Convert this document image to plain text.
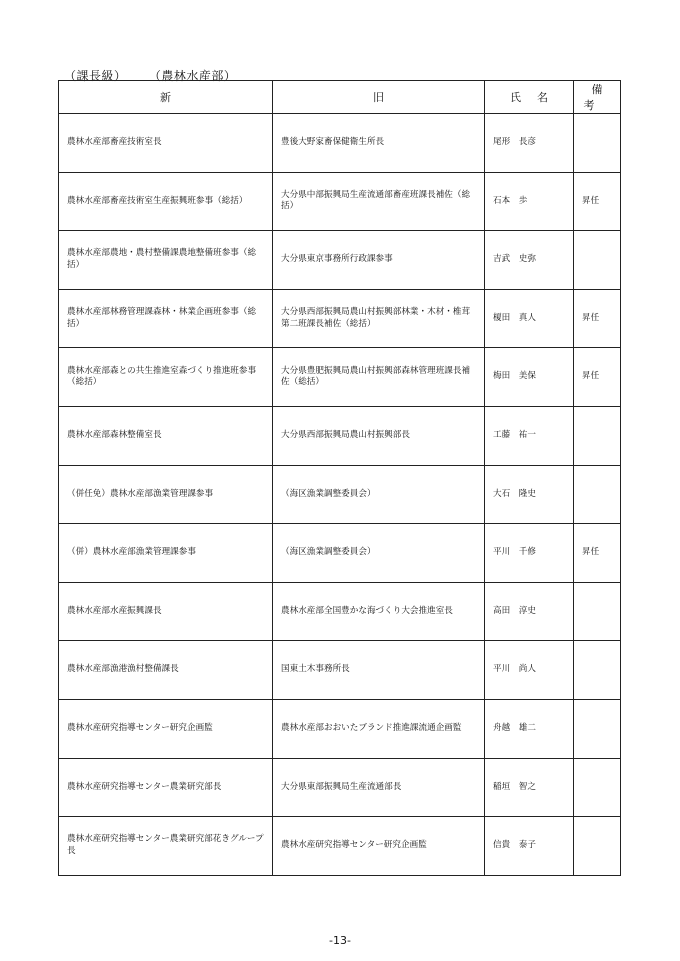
（課長級） （農林水産部）
新	旧	氏名	備考
農林水産部畜産技術室長	豊後大野家畜保健衛生所長	尾形　長彦	
農林水産部畜産技術室生産振興班参事（総括）	大分県中部振興局生産流通部畜産班課長補佐（総括）	石本　歩	昇任
農林水産部農地・農村整備課農地整備班参事（総括）	大分県東京事務所行政課参事	吉武　史弥	
農林水産部林務管理課森林・林業企画班参事（総括）	大分県西部振興局農山村振興部林業・木材・椎茸第二班課長補佐（総括）	榎田　真人	昇任
農林水産部森との共生推進室森づくり推進班参事（総括）	大分県豊肥振興局農山村振興部森林管理班課長補佐（総括）	梅田　美保	昇任
農林水産部森林整備室長	大分県西部振興局農山村振興部長	工藤　祐一	
（併任免）農林水産部漁業管理課参事	（海区漁業調整委員会）	大石　隆史	
（併）農林水産部漁業管理課参事	（海区漁業調整委員会）	平川　千修	昇任
農林水産部水産振興課長	農林水産部全国豊かな海づくり大会推進室長	高田　淳史	
農林水産部漁港漁村整備課長	国東土木事務所長	平川　尚人	
農林水産研究指導センター研究企画監	農林水産部おおいたブランド推進課流通企画監	舟越　雄二	
農林水産研究指導センター農業研究部長	大分県東部振興局生産流通部長	稲垣　智之	
農林水産研究指導センター農業研究部花きグループ長	農林水産研究指導センター研究企画監	信貴　泰子	
-13-
